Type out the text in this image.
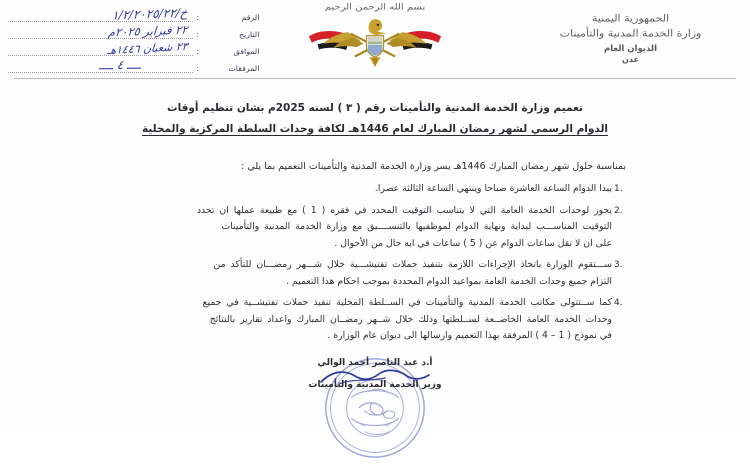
الرقم
:
خ/١/٢/٢٠٢٥/٢٢
التاريخ
:
٢٢ فبراير ٢٠٢٥م
الموافق
:
٢٣ شعبان ١٤٤٦هـ
المرفقات
:
ــــ ٤ ــــ
بسم الله الرحمن الرحيم
الجمهورية اليمنية
وزارة الخدمة المدنية والتأمينات
الديوان العام
عدن
تعميم وزارة الخدمة المدنية والتأمينات رقم ( ٣ ) لسنه 2025م بشان تنظيم أوقات
الدوام الرسمي لشهر رمضان المبارك لعام 1446هـ لكافة وحدات السلطة المركزية والمحلية
بمناسبة حلول شهر رمضان المبارك 1446هـ يسر وزارة الخدمة المدنية والتأمينات التعميم بما يلي :
1.
يبدا الدوام الساعة العاشرة صباحا وينتهي الساعة الثالثة عصرا.
2.
يجوز لوحدات الخدمة العامة التي لا يتناسب التوقيت المحدد في فقره ( 1 ) مع طبيعة عملها ان تحدد
التوقيت المناســـب لبداية ونهاية الدوام لموظفيها بالتنســــيق مع وزارة الخدمة المدنية والتأمينات
على ان لا تقل ساعات الدوام عن ( 5 ) ساعات في ايه حال من الأحوال .
3.
ســـتقوم الوزارة باتخاذ الإجراءات اللازمة بتنفيذ حملات تفتيشـــية خلال شـــهر رمضـــان للتأكد من
التزام جميع وحدات الخدمة العامة بمواعيد الدوام المحددة بموجب احكام هذا التعميم .
4.
كما ســتتولى مكاتب الخدمة المدنية والتأمينات في الســلطة المحلية تنفيذ حملات تفتيشــية في جميع
وحدات الخدمة العامة الخاضــعة لســلطتها وذلك خلال شــهر رمضــان المبارك واعداد تقارير بالنتائج
في نموذج ( 1 – 4 ) المرفقة بهذا التعميم وارسالها الى ديوان عام الوزارة .
أ.د عبد الناصر أحمد الوالي
وزير الخدمة المدنية والتأمينات
